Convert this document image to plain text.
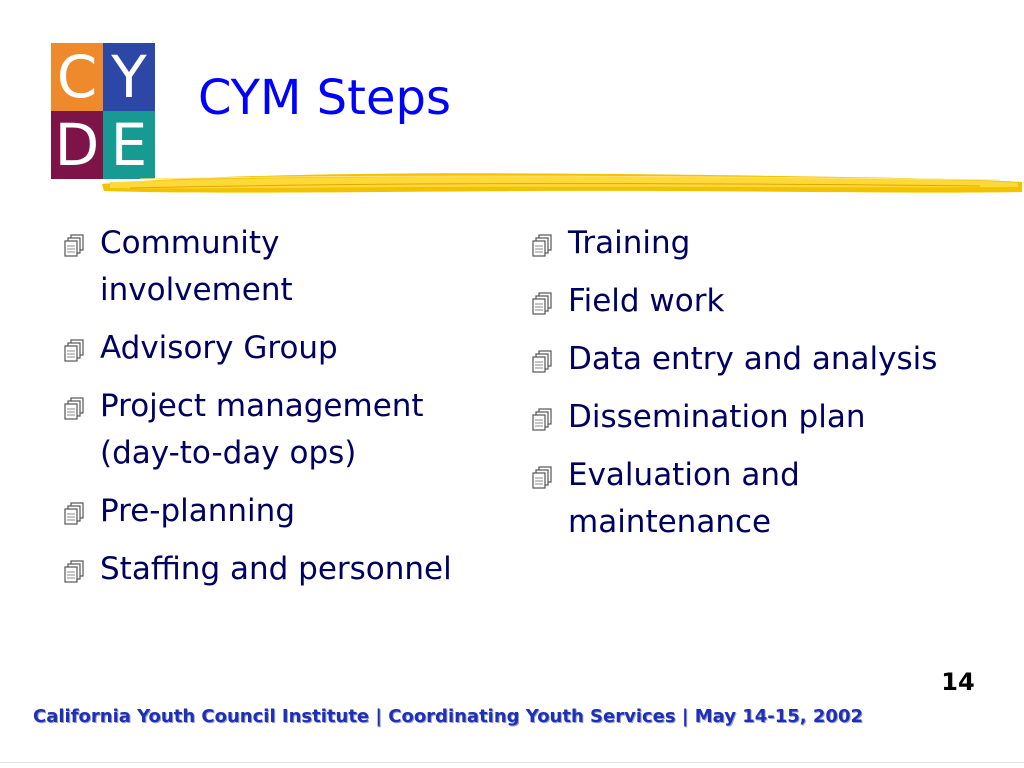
C Y
D E
CYM Steps
Community involvement
Advisory Group
Project management (day-to-day ops)
Pre-planning
Staffing and personnel
Training
Field work
Data entry and analysis
Dissemination plan
Evaluation and maintenance
14
California Youth Council Institute | Coordinating Youth Services | May 14-15, 2002
